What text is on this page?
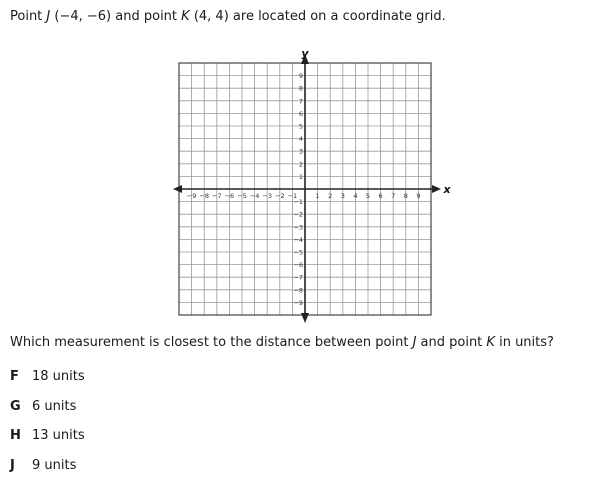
Point J (−4, −6) and point K (4, 4) are located on a coordinate grid.
x
y
−9 −8 −7 −6 −5 −4 −3 −2 −1	1 2 3 4 5 6 7 8 9
1
2
3
4
5
6
7
8
9
−1
−2
−3
−4
−5
−6
−7
−8
−9
Which measurement is closest to the distance between point J and point K in units?
F 18 units
G 6 units
H 13 units
J 9 units
